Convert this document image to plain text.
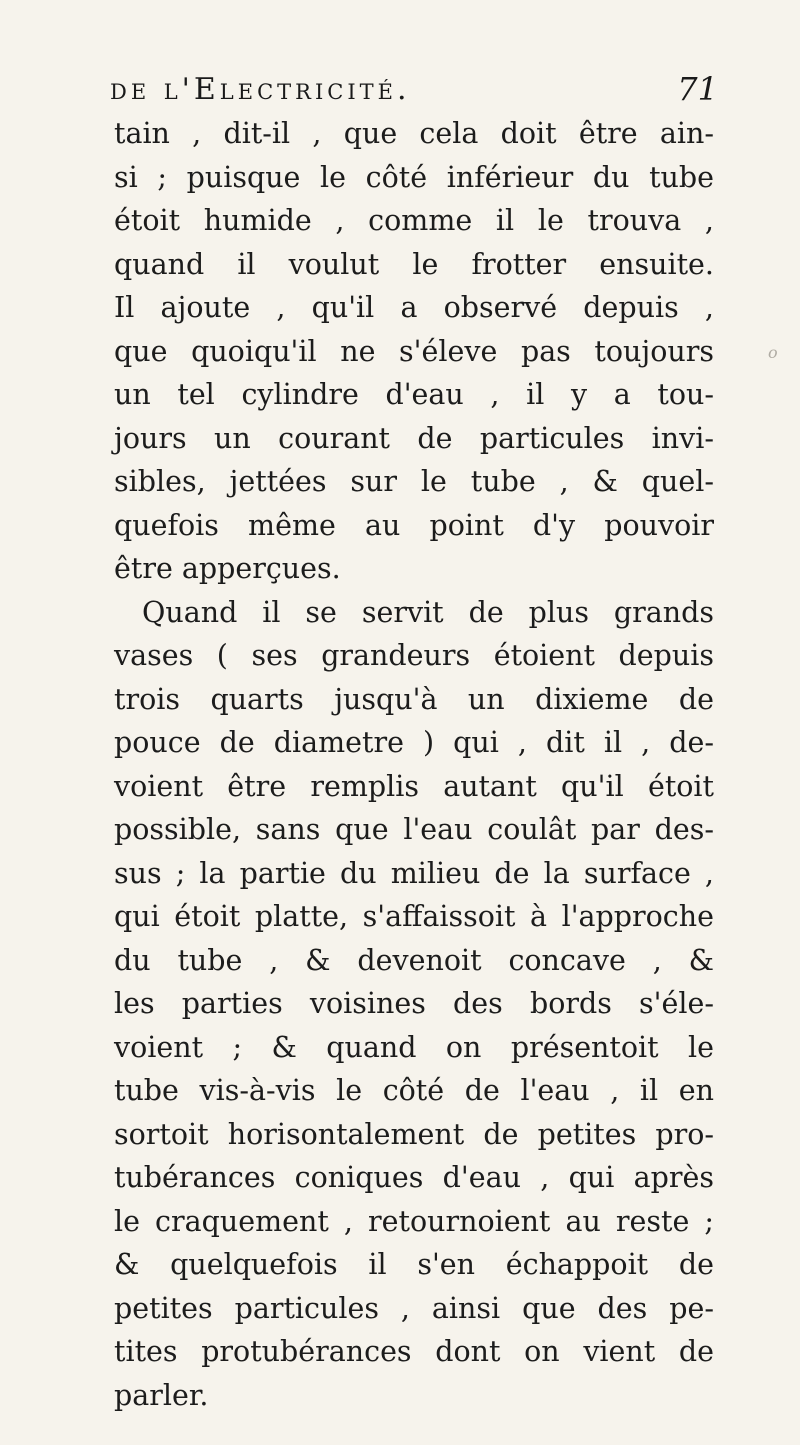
de l'Electricité.	71
o
tain , dit-il , que cela doit être ain-
si ; puisque le côté inférieur du tube
étoit humide , comme il le trouva ,
quand il voulut le frotter ensuite.
Il ajoute , qu'il a observé depuis ,
que quoiqu'il ne s'éleve pas toujours
un tel cylindre d'eau , il y a tou-
jours un courant de particules invi-
sibles, jettées sur le tube , & quel-
quefois même au point d'y pouvoir
être apperçues.
Quand il se servit de plus grands
vases ( ses grandeurs étoient depuis
trois quarts jusqu'à un dixieme de
pouce de diametre ) qui , dit il , de-
voient être remplis autant qu'il étoit
possible, sans que l'eau coulât par des-
sus ; la partie du milieu de la surface ,
qui étoit platte, s'affaissoit à l'approche
du tube , & devenoit concave , &
les parties voisines des bords s'éle-
voient ; & quand on présentoit le
tube vis-à-vis le côté de l'eau , il en
sortoit horisontalement de petites pro-
tubérances coniques d'eau , qui après
le craquement , retournoient au reste ;
& quelquefois il s'en échappoit de
petites particules , ainsi que des pe-
tites protubérances dont on vient de
parler.
